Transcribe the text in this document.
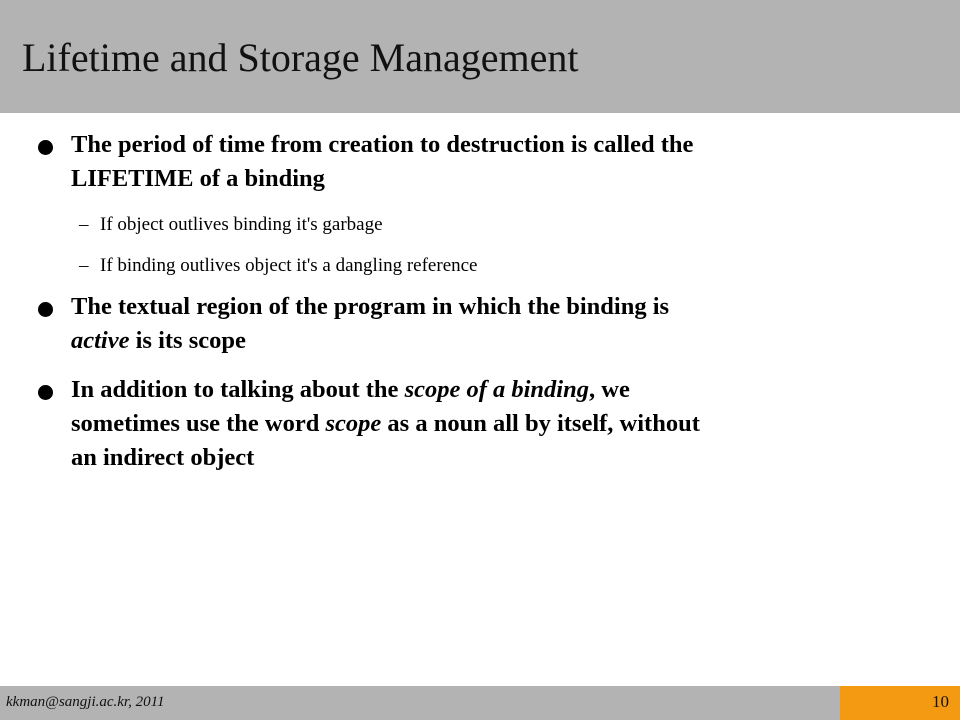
Lifetime and Storage Management
The period of time from creation to destruction is called the
LIFETIME of a binding
– If object outlives binding it's garbage
– If binding outlives object it's a dangling reference
The textual region of the program in which the binding is
active is its scope
In addition to talking about the scope of a binding, we
sometimes use the word scope as a noun all by itself, without
an indirect object
kkman@sangji.ac.kr, 2011	10
